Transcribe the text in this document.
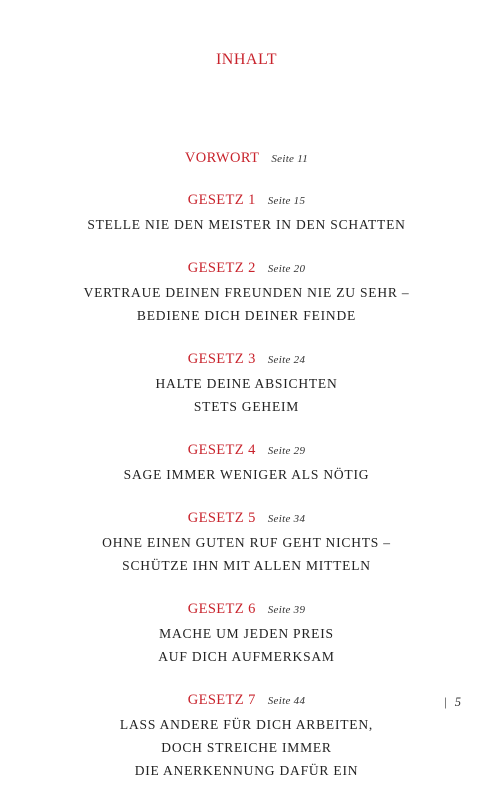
INHALT
VORWORT Seite 11
GESETZ 1 Seite 15
STELLE NIE DEN MEISTER IN DEN SCHATTEN
GESETZ 2 Seite 20
VERTRAUE DEINEN FREUNDEN NIE ZU SEHR –
BEDIENE DICH DEINER FEINDE
GESETZ 3 Seite 24
HALTE DEINE ABSICHTEN
STETS GEHEIM
GESETZ 4 Seite 29
SAGE IMMER WENIGER ALS NÖTIG
GESETZ 5 Seite 34
OHNE EINEN GUTEN RUF GEHT NICHTS –
SCHÜTZE IHN MIT ALLEN MITTELN
GESETZ 6 Seite 39
MACHE UM JEDEN PREIS
AUF DICH AUFMERKSAM
GESETZ 7 Seite 44
LASS ANDERE FÜR DICH ARBEITEN,
DOCH STREICHE IMMER
DIE ANERKENNUNG DAFÜR EIN
| 5
